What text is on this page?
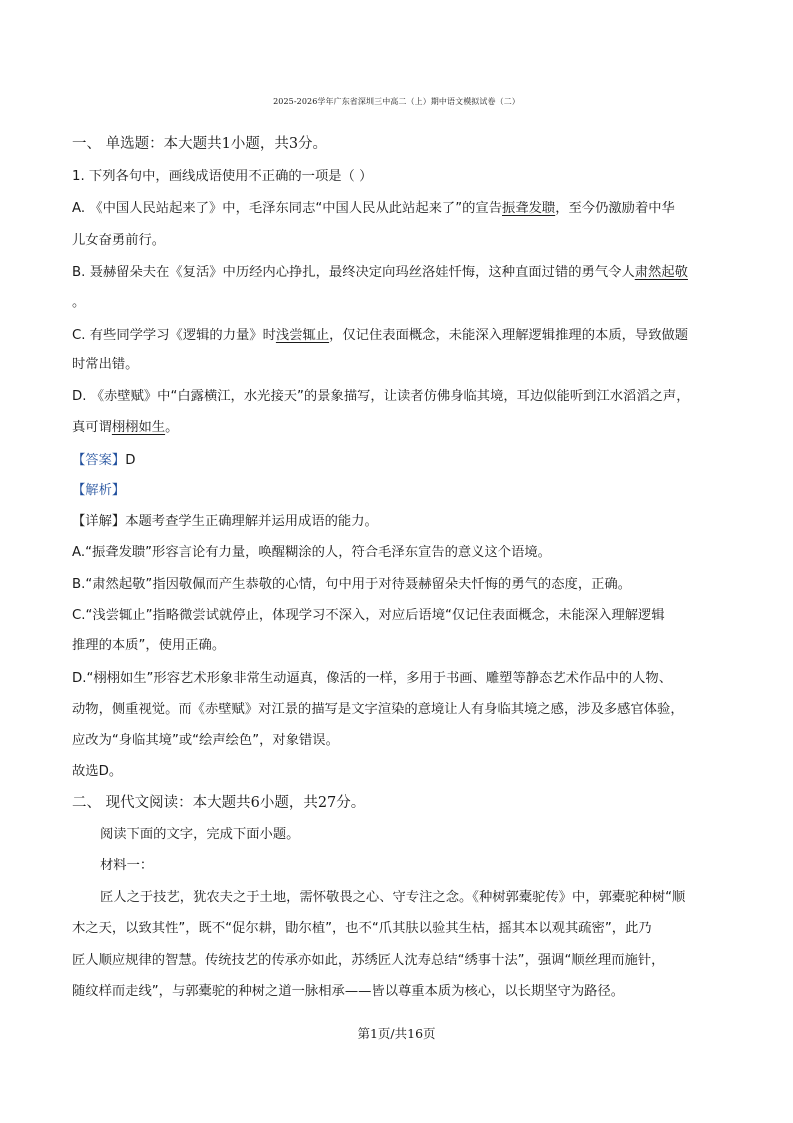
2025-2026学年广东省深圳三中高二（上）期中语文模拟试卷（二）
一、 单选题：本大题共1小题，共3分。
1. 下列各句中，画线成语使用不正确的一项是（ ）
A. 《中国人民站起来了》中，毛泽东同志“中国人民从此站起来了”的宣告振聋发聩，至今仍激励着中华
儿女奋勇前行。
B. 聂赫留朵夫在《复活》中历经内心挣扎，最终决定向玛丝洛娃忏悔，这种直面过错的勇气令人肃然起敬
。
C. 有些同学学习《逻辑的力量》时浅尝辄止，仅记住表面概念，未能深入理解逻辑推理的本质，导致做题
时常出错。
D. 《赤壁赋》中“白露横江，水光接天”的景象描写，让读者仿佛身临其境，耳边似能听到江水滔滔之声，
真可谓栩栩如生。
【答案】D
【解析】
【详解】本题考查学生正确理解并运用成语的能力。
A.“振聋发聩”形容言论有力量，唤醒糊涂的人，符合毛泽东宣告的意义这个语境。
B.“肃然起敬”指因敬佩而产生恭敬的心情，句中用于对待聂赫留朵夫忏悔的勇气的态度，正确。
C.“浅尝辄止”指略微尝试就停止，体现学习不深入，对应后语境“仅记住表面概念，未能深入理解逻辑
推理的本质”，使用正确。
D.“栩栩如生”形容艺术形象非常生动逼真，像活的一样，多用于书画、雕塑等静态艺术作品中的人物、
动物，侧重视觉。而《赤壁赋》对江景的描写是文字渲染的意境让人有身临其境之感，涉及多感官体验，
应改为“身临其境”或“绘声绘色”，对象错误。
故选D。
二、 现代文阅读：本大题共6小题，共27分。
阅读下面的文字，完成下面小题。
材料一：
匠人之于技艺，犹农夫之于土地，需怀敬畏之心、守专注之念。《种树郭橐驼传》中，郭橐驼种树“顺
木之天，以致其性”，既不“促尔耕，勖尔植”，也不“爪其肤以验其生枯，摇其本以观其疏密”，此乃
匠人顺应规律的智慧。传统技艺的传承亦如此，苏绣匠人沈寿总结“绣事十法”，强调“顺丝理而施针，
随纹样而走线”，与郭橐驼的种树之道一脉相承——皆以尊重本质为核心，以长期坚守为路径。
第1页/共16页
